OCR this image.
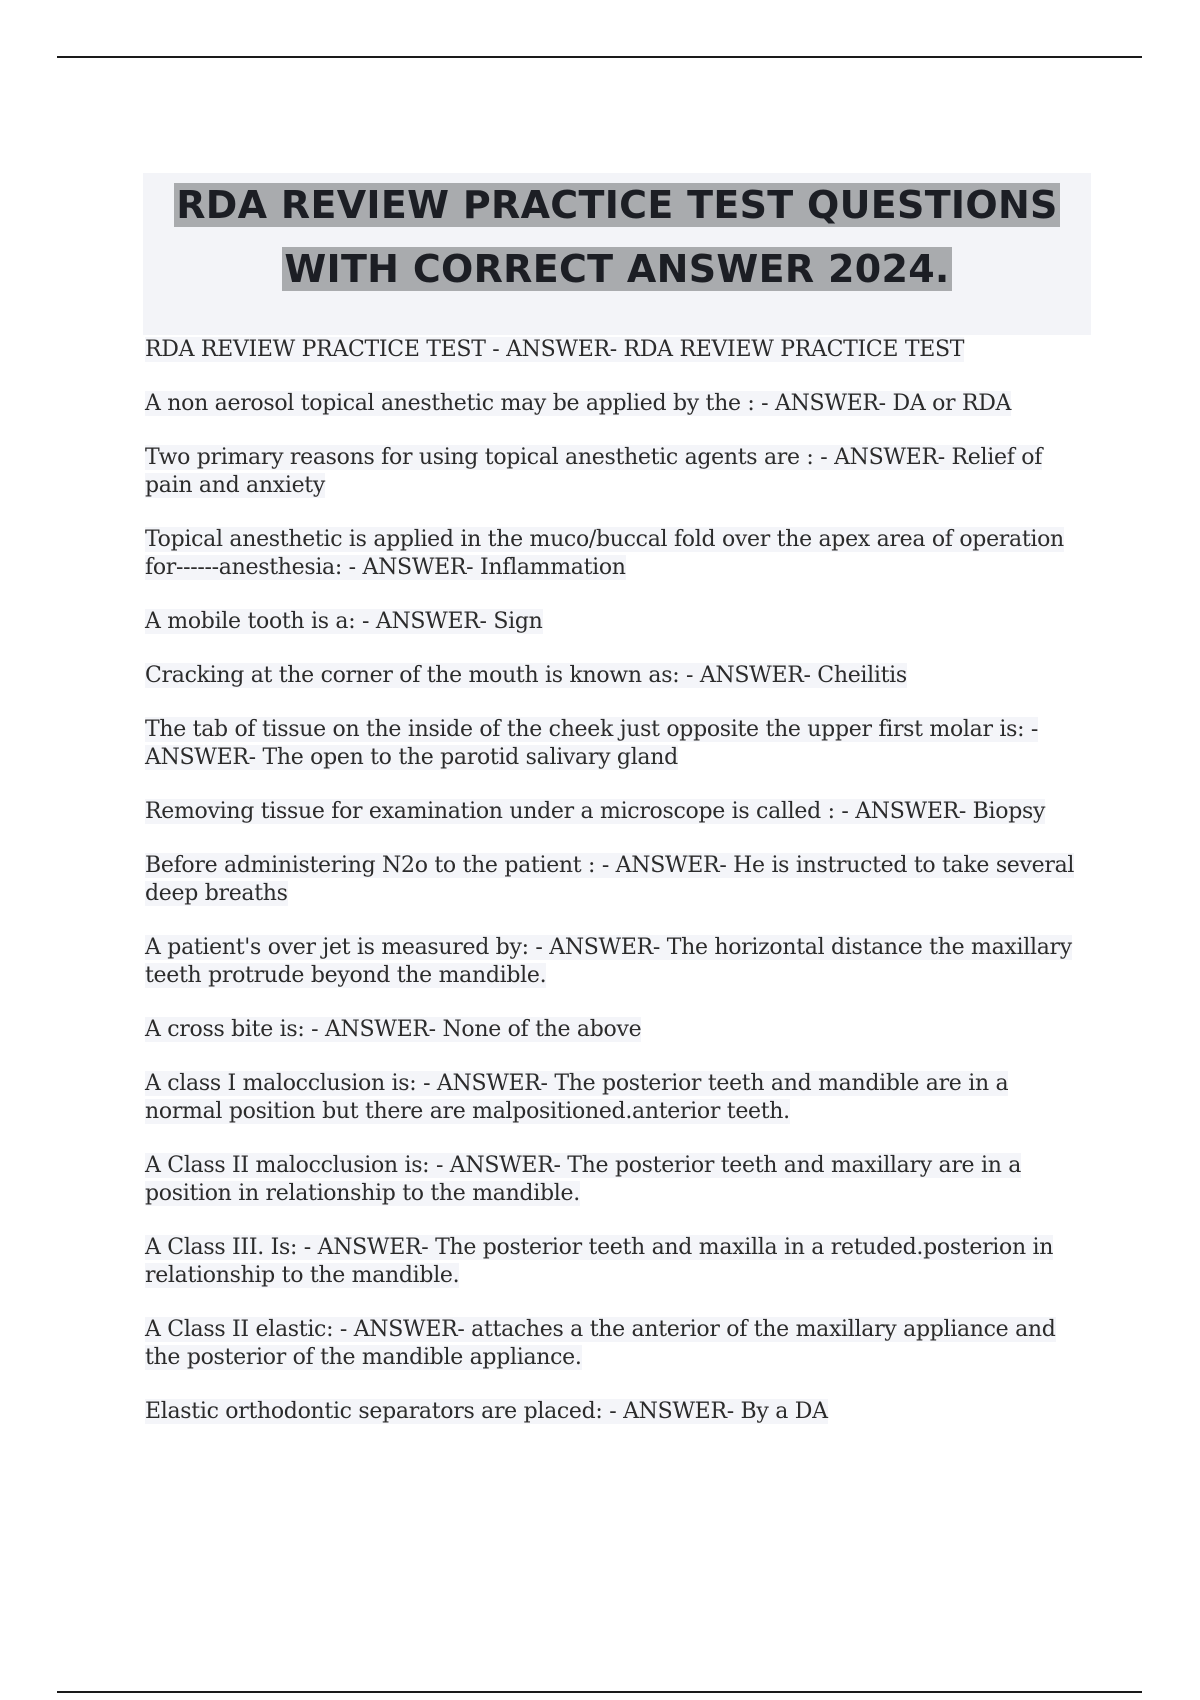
RDA REVIEW PRACTICE TEST QUESTIONS
WITH CORRECT ANSWER 2024.

RDA REVIEW PRACTICE TEST - ANSWER- RDA REVIEW PRACTICE TEST

A non aerosol topical anesthetic may be applied by the : - ANSWER- DA or RDA

Two primary reasons for using topical anesthetic agents are : - ANSWER- Relief of pain and anxiety

Topical anesthetic is applied in the muco/buccal fold over the apex area of operation for------anesthesia: - ANSWER- Inflammation

A mobile tooth is a: - ANSWER- Sign

Cracking at the corner of the mouth is known as: - ANSWER- Cheilitis

The tab of tissue on the inside of the cheek just opposite the upper first molar is: - ANSWER- The open to the parotid salivary gland

Removing tissue for examination under a microscope is called : - ANSWER- Biopsy

Before administering N2o to the patient : - ANSWER- He is instructed to take several deep breaths

A patient's over jet is measured by: - ANSWER- The horizontal distance the maxillary teeth protrude beyond the mandible.

A cross bite is: - ANSWER- None of the above

A class I malocclusion is: - ANSWER- The posterior teeth and mandible are in a normal position but there are malpositioned.anterior teeth.

A Class II malocclusion is: - ANSWER- The posterior teeth and maxillary are in a position in relationship to the mandible.

A Class III. Is: - ANSWER- The posterior teeth and maxilla in a retuded.posterion in relationship to the mandible.

A Class II elastic: - ANSWER- attaches a the anterior of the maxillary appliance and the posterior of the mandible appliance.

Elastic orthodontic separators are placed: - ANSWER- By a DA
